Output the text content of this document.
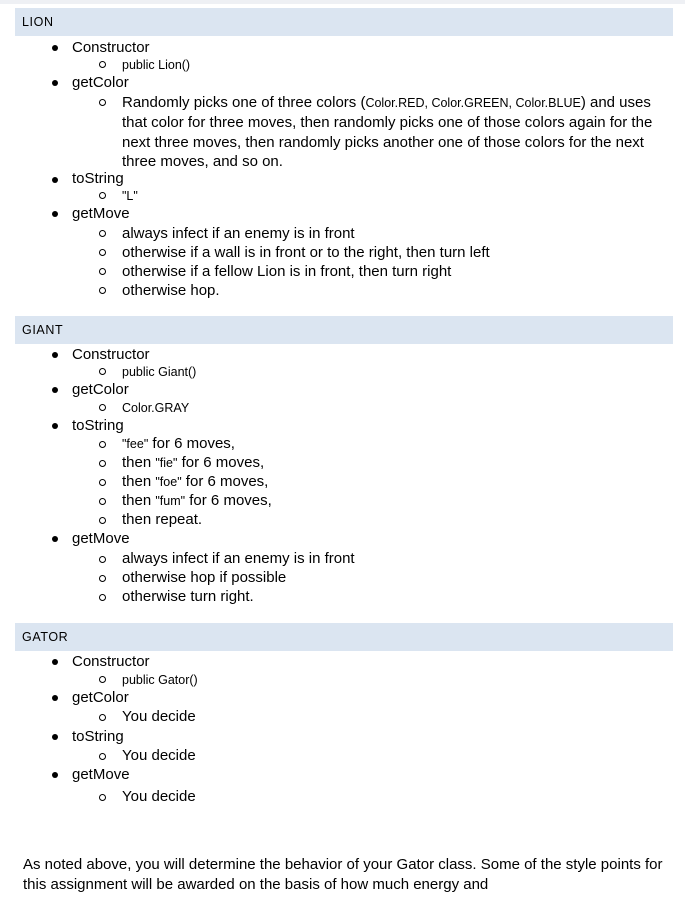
LION
Constructor
public Lion()
getColor
Randomly picks one of three colors (Color.RED, Color.GREEN, Color.BLUE) and uses that color for three moves, then randomly picks one of those colors again for the next three moves, then randomly picks another one of those colors for the next three moves, and so on.
toString
"L"
getMove
always infect if an enemy is in front
otherwise if a wall is in front or to the right, then turn left
otherwise if a fellow Lion is in front, then turn right
otherwise hop.
GIANT
Constructor
public Giant()
getColor
Color.GRAY
toString
"fee" for 6 moves,
then "fie" for 6 moves,
then "foe" for 6 moves,
then "fum" for 6 moves,
then repeat.
getMove
always infect if an enemy is in front
otherwise hop if possible
otherwise turn right.
GATOR
Constructor
public Gator()
getColor
You decide
toString
You decide
getMove
You decide
As noted above, you will determine the behavior of your Gator class. Some of the style points for this assignment will be awarded on the basis of how much energy and
